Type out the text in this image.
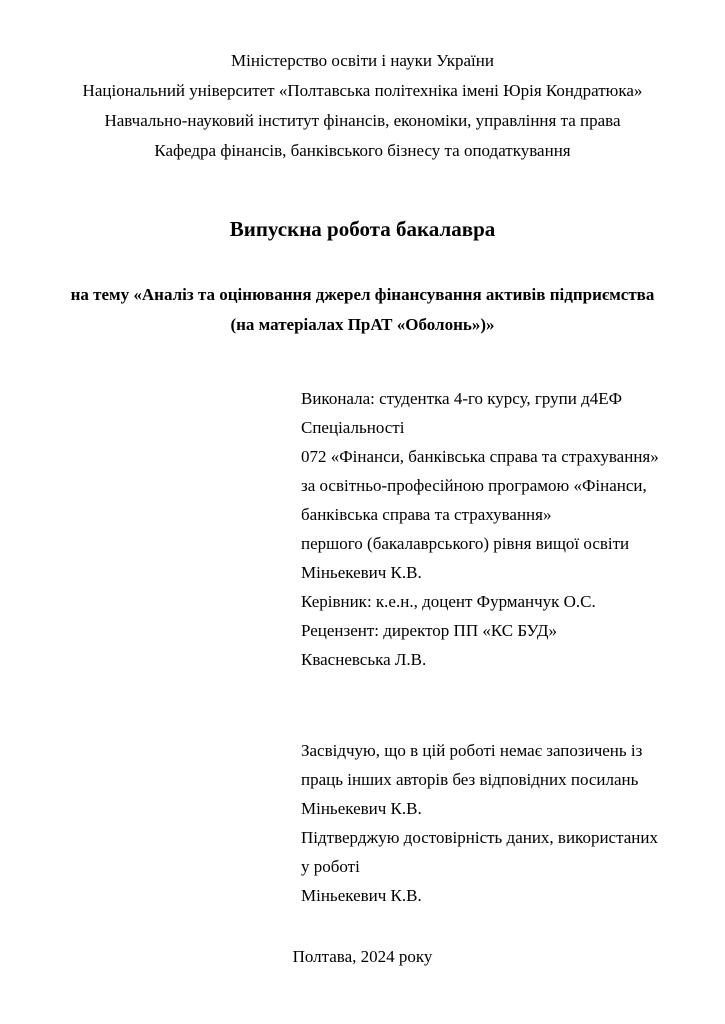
Міністерство освіти і науки України
Національний університет «Полтавська політехніка імені Юрія Кондратюка»
Навчально-науковий інститут фінансів, економіки, управління та права
Кафедра фінансів, банківського бізнесу та оподаткування
Випускна робота бакалавра
на тему «Аналіз та оцінювання джерел фінансування активів підприємства
(на матеріалах ПрАТ «Оболонь»)»
Виконала: студентка 4-го курсу, групи д4ЕФ
Спеціальності
072 «Фінанси, банківська справа та страхування»
за освітньо-професійною програмою «Фінанси,
банківська справа та страхування»
першого (бакалаврського) рівня вищої освіти
Міньекевич К.В.
Керівник: к.е.н., доцент Фурманчук О.С.
Рецензент: директор ПП «КС БУД»
Квасневська Л.В.
Засвідчую, що в цій роботі немає запозичень із
праць інших авторів без відповідних посилань
Міньекевич К.В.
Підтверджую достовірність даних, використаних
у роботі
Міньекевич К.В.
Полтава, 2024 року
